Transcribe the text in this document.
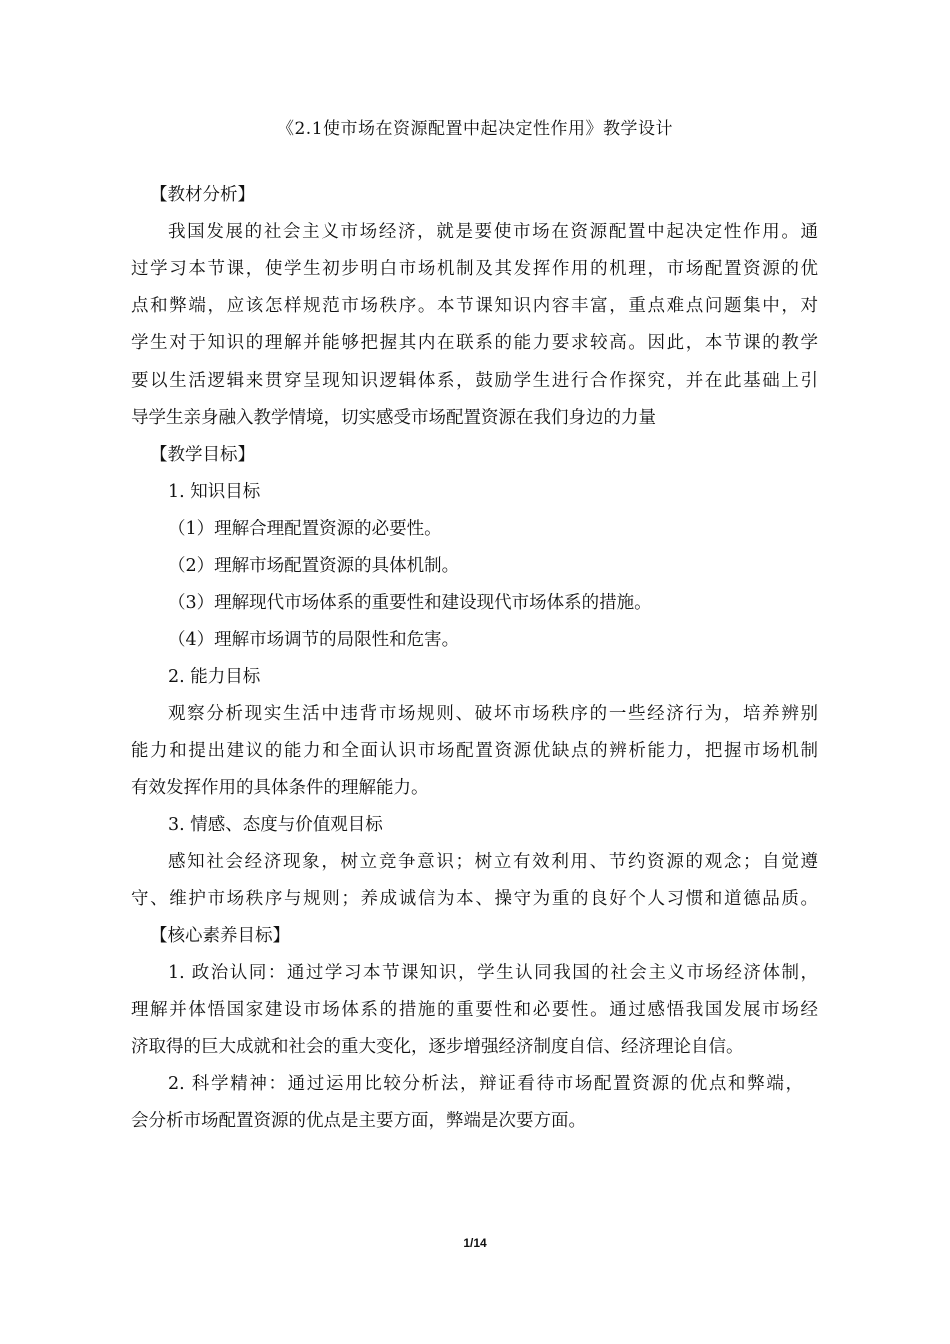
《2.1使市场在资源配置中起决定性作用》教学设计
【教材分析】
我国发展的社会主义市场经济，就是要使市场在资源配置中起决定性作用。通
过学习本节课，使学生初步明白市场机制及其发挥作用的机理，市场配置资源的优
点和弊端，应该怎样规范市场秩序。本节课知识内容丰富，重点难点问题集中，对
学生对于知识的理解并能够把握其内在联系的能力要求较高。因此，本节课的教学
要以生活逻辑来贯穿呈现知识逻辑体系，鼓励学生进行合作探究，并在此基础上引
导学生亲身融入教学情境，切实感受市场配置资源在我们身边的力量
【教学目标】
1. 知识目标
（1）理解合理配置资源的必要性。
（2）理解市场配置资源的具体机制。
（3）理解现代市场体系的重要性和建设现代市场体系的措施。
（4）理解市场调节的局限性和危害。
2. 能力目标
观察分析现实生活中违背市场规则、破坏市场秩序的一些经济行为，培养辨别
能力和提出建议的能力和全面认识市场配置资源优缺点的辨析能力，把握市场机制
有效发挥作用的具体条件的理解能力。
3. 情感、态度与价值观目标
感知社会经济现象，树立竞争意识；树立有效利用、节约资源的观念；自觉遵
守、维护市场秩序与规则；养成诚信为本、操守为重的良好个人习惯和道德品质。
【核心素养目标】
1. 政治认同：通过学习本节课知识，学生认同我国的社会主义市场经济体制，
理解并体悟国家建设市场体系的措施的重要性和必要性。通过感悟我国发展市场经
济取得的巨大成就和社会的重大变化，逐步增强经济制度自信、经济理论自信。
2. 科学精神：通过运用比较分析法，辩证看待市场配置资源的优点和弊端，
会分析市场配置资源的优点是主要方面，弊端是次要方面。
1/14
